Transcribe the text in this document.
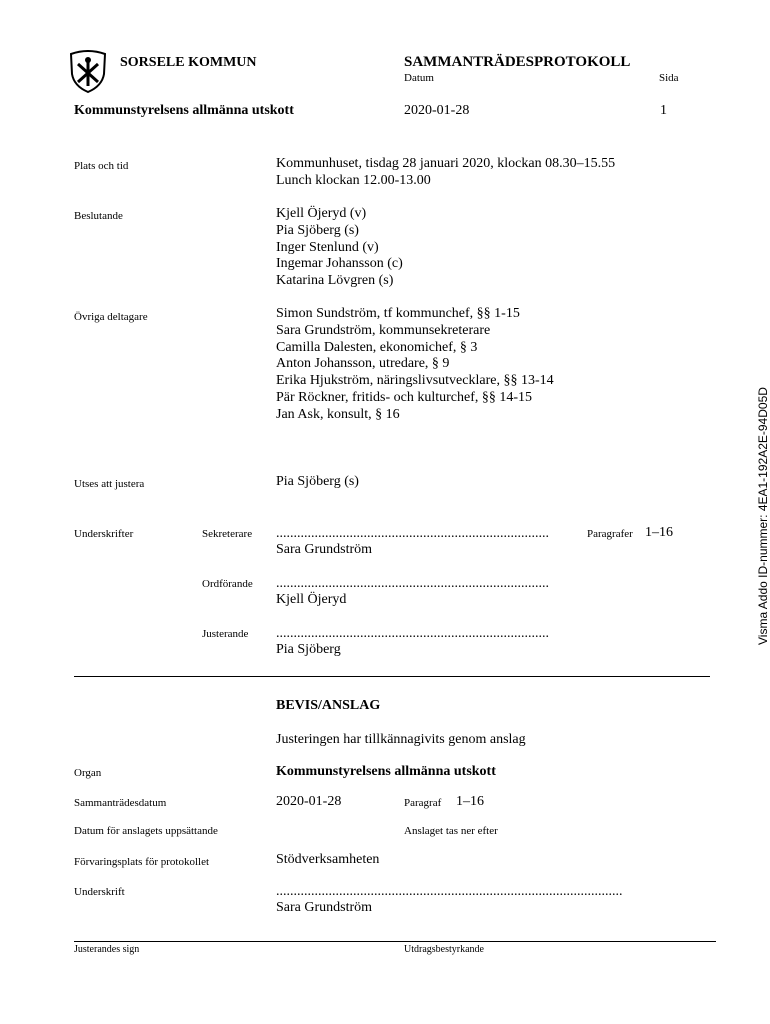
SORSELE KOMMUN	SAMMANTRÄDESPROTOKOLL
Datum	Sida
Kommunstyrelsens allmänna utskott	2020-01-28	1
Plats och tid	Kommunhuset, tisdag 28 januari 2020, klockan 08.30–15.55
Lunch klockan 12.00-13.00
Beslutande	Kjell Öjeryd (v)
Pia Sjöberg (s)
Inger Stenlund (v)
Ingemar Johansson (c)
Katarina Lövgren (s)
Övriga deltagare	Simon Sundström, tf kommunchef, §§ 1-15
Sara Grundström, kommunsekreterare
Camilla Dalesten, ekonomichef, § 3
Anton Johansson, utredare, § 9
Erika Hjukström, näringslivsutvecklare, §§ 13-14
Pär Röckner, fritids- och kulturchef, §§ 14-15
Jan Ask, konsult, § 16
Utses att justera	Pia Sjöberg (s)
Underskrifter	Sekreterare ..............................................................................	Paragrafer 1–16
Sara Grundström
Ordförande ..............................................................................
Kjell Öjeryd
Justerande ..............................................................................
Pia Sjöberg
BEVIS/ANSLAG
Justeringen har tillkännagivits genom anslag
Organ	Kommunstyrelsens allmänna utskott
Sammanträdesdatum	2020-01-28	Paragraf 1–16
Datum för anslagets uppsättande	Anslaget tas ner efter
Förvaringsplats för protokollet	Stödverksamheten
Underskrift	...................................................................................................
Sara Grundström
Justerandes sign	Utdragsbestyrkande
Visma Addo ID-nummer: 4EA1-192A2E-94D05D
